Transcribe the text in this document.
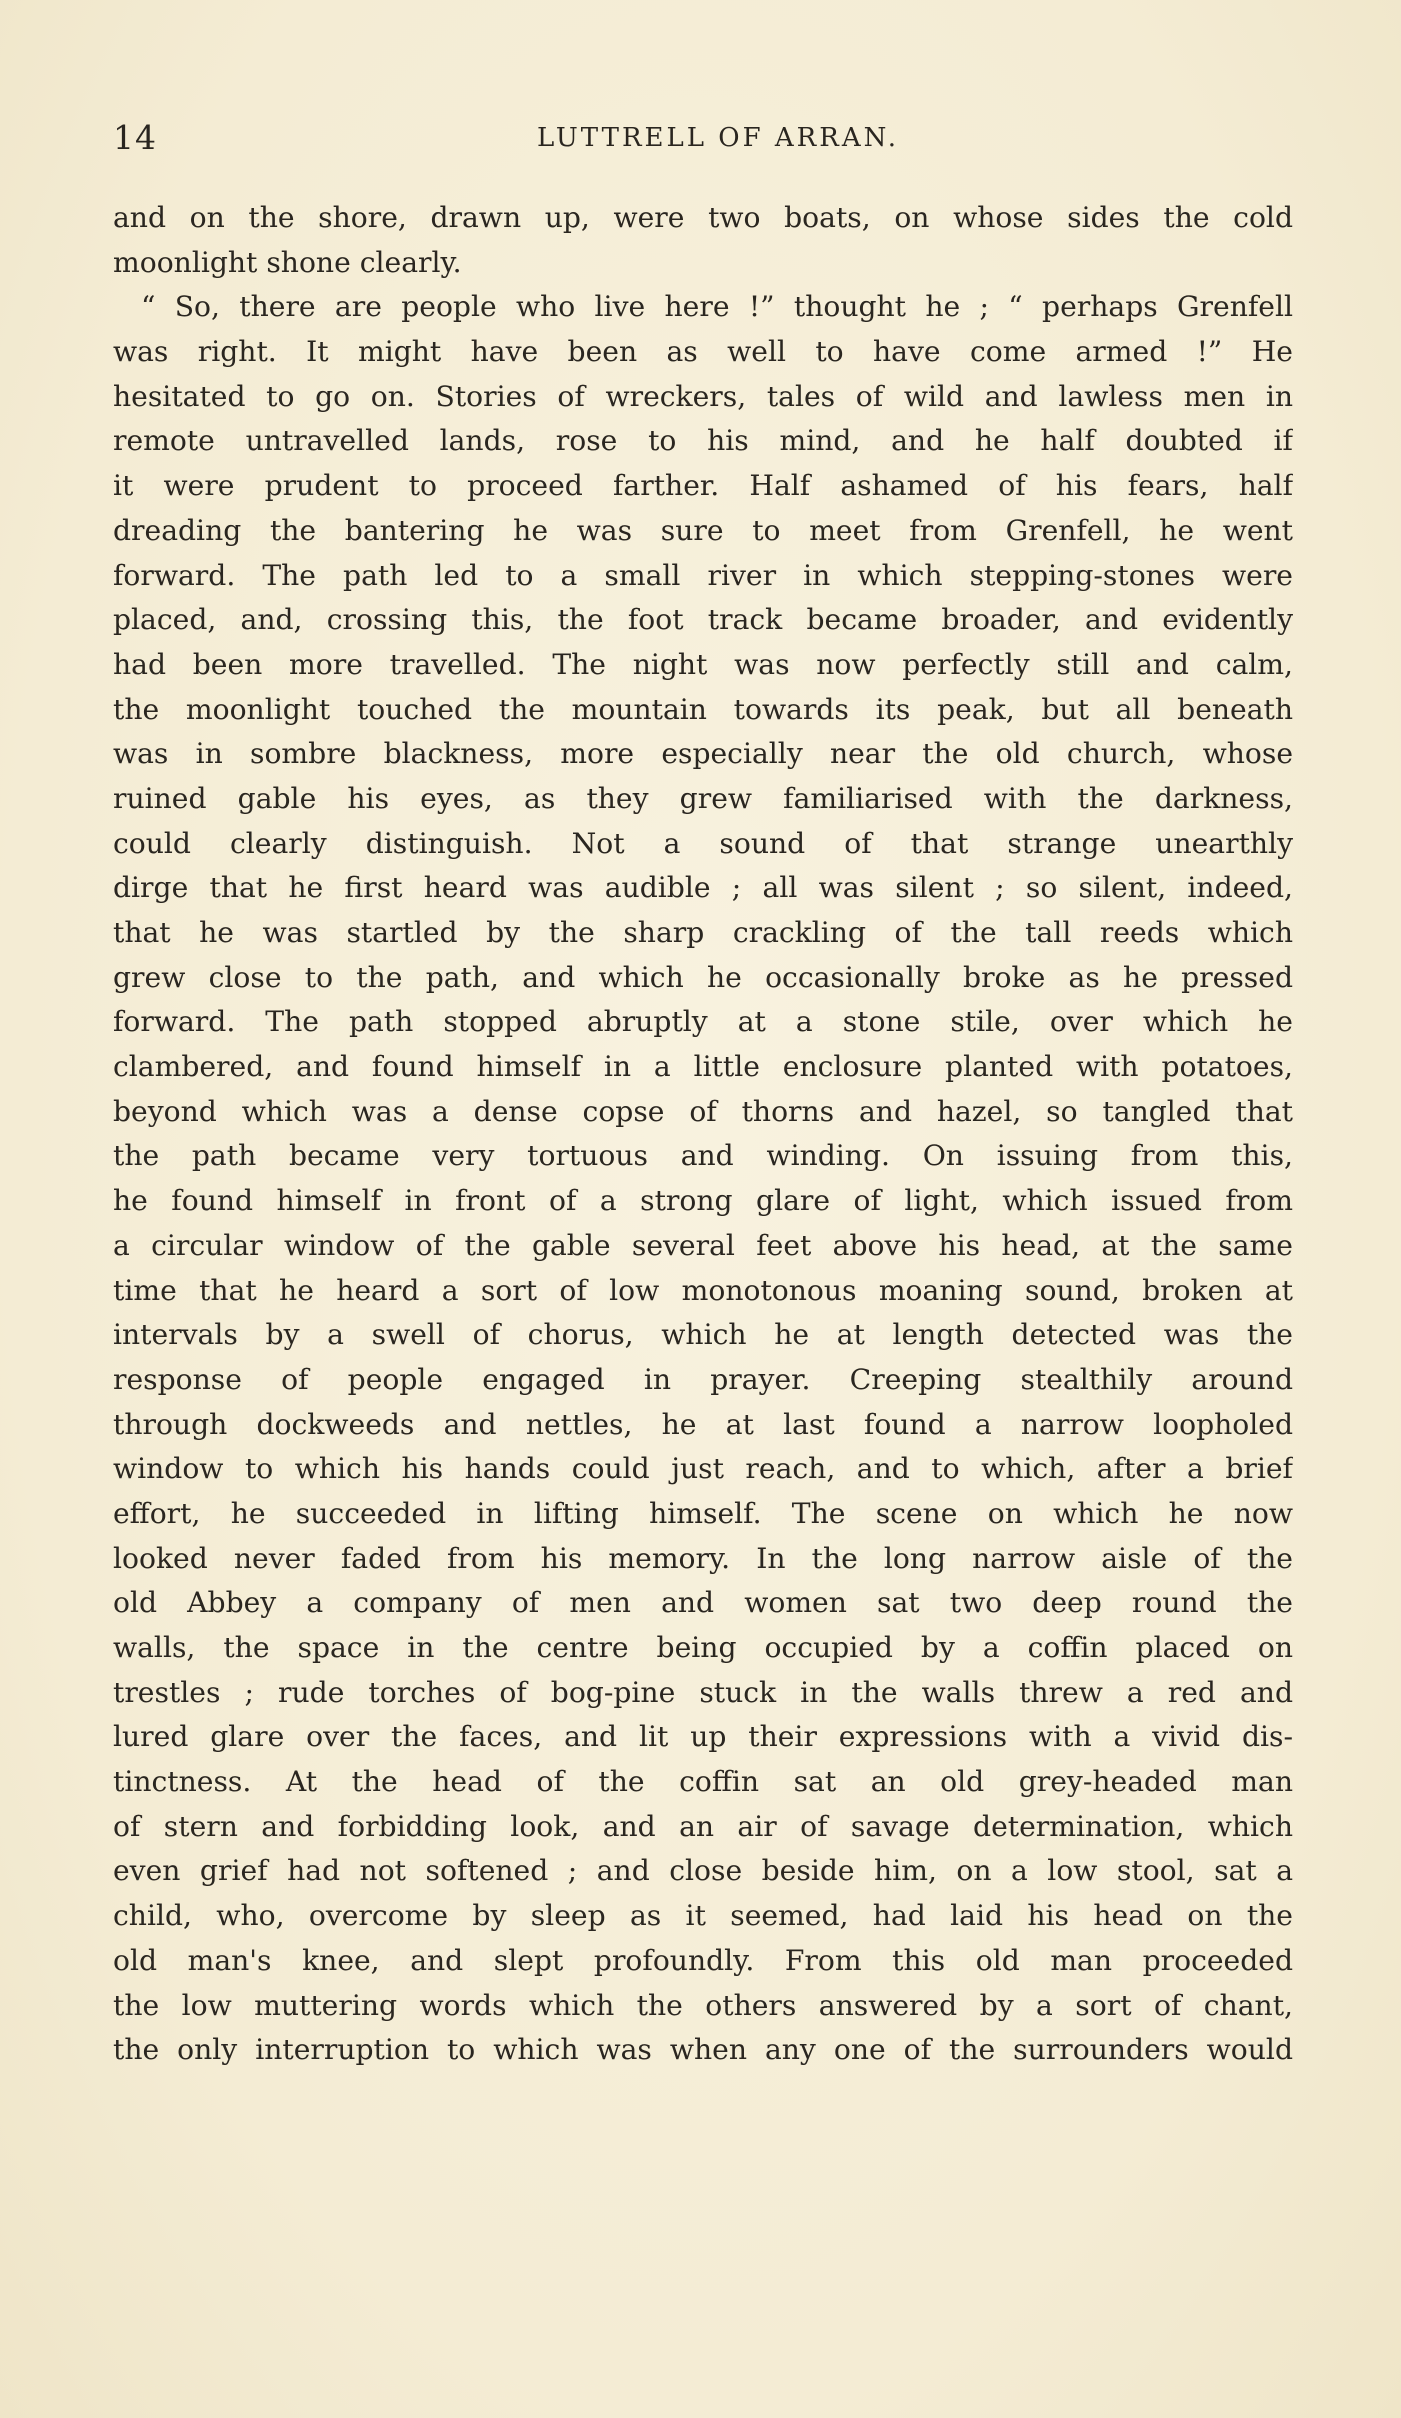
14	LUTTRELL OF ARRAN.
and on the shore, drawn up, were two boats, on whose sides the cold
moonlight shone clearly.
“ So, there are people who live here !” thought he ; “ perhaps Grenfell
was right. It might have been as well to have come armed !” He
hesitated to go on. Stories of wreckers, tales of wild and lawless men in
remote untravelled lands, rose to his mind, and he half doubted if
it were prudent to proceed farther. Half ashamed of his fears, half
dreading the bantering he was sure to meet from Grenfell, he went
forward. The path led to a small river in which stepping-stones were
placed, and, crossing this, the foot track became broader, and evidently
had been more travelled. The night was now perfectly still and calm,
the moonlight touched the mountain towards its peak, but all beneath
was in sombre blackness, more especially near the old church, whose
ruined gable his eyes, as they grew familiarised with the darkness,
could clearly distinguish. Not a sound of that strange unearthly
dirge that he first heard was audible ; all was silent ; so silent, indeed,
that he was startled by the sharp crackling of the tall reeds which
grew close to the path, and which he occasionally broke as he pressed
forward. The path stopped abruptly at a stone stile, over which he
clambered, and found himself in a little enclosure planted with potatoes,
beyond which was a dense copse of thorns and hazel, so tangled that
the path became very tortuous and winding. On issuing from this,
he found himself in front of a strong glare of light, which issued from
a circular window of the gable several feet above his head, at the same
time that he heard a sort of low monotonous moaning sound, broken at
intervals by a swell of chorus, which he at length detected was the
response of people engaged in prayer. Creeping stealthily around
through dockweeds and nettles, he at last found a narrow loopholed
window to which his hands could just reach, and to which, after a brief
effort, he succeeded in lifting himself. The scene on which he now
looked never faded from his memory. In the long narrow aisle of the
old Abbey a company of men and women sat two deep round the
walls, the space in the centre being occupied by a coffin placed on
trestles ; rude torches of bog-pine stuck in the walls threw a red and
lured glare over the faces, and lit up their expressions with a vivid dis-
tinctness. At the head of the coffin sat an old grey-headed man
of stern and forbidding look, and an air of savage determination, which
even grief had not softened ; and close beside him, on a low stool, sat a
child, who, overcome by sleep as it seemed, had laid his head on the
old man's knee, and slept profoundly. From this old man proceeded
the low muttering words which the others answered by a sort of chant,
the only interruption to which was when any one of the surrounders would
